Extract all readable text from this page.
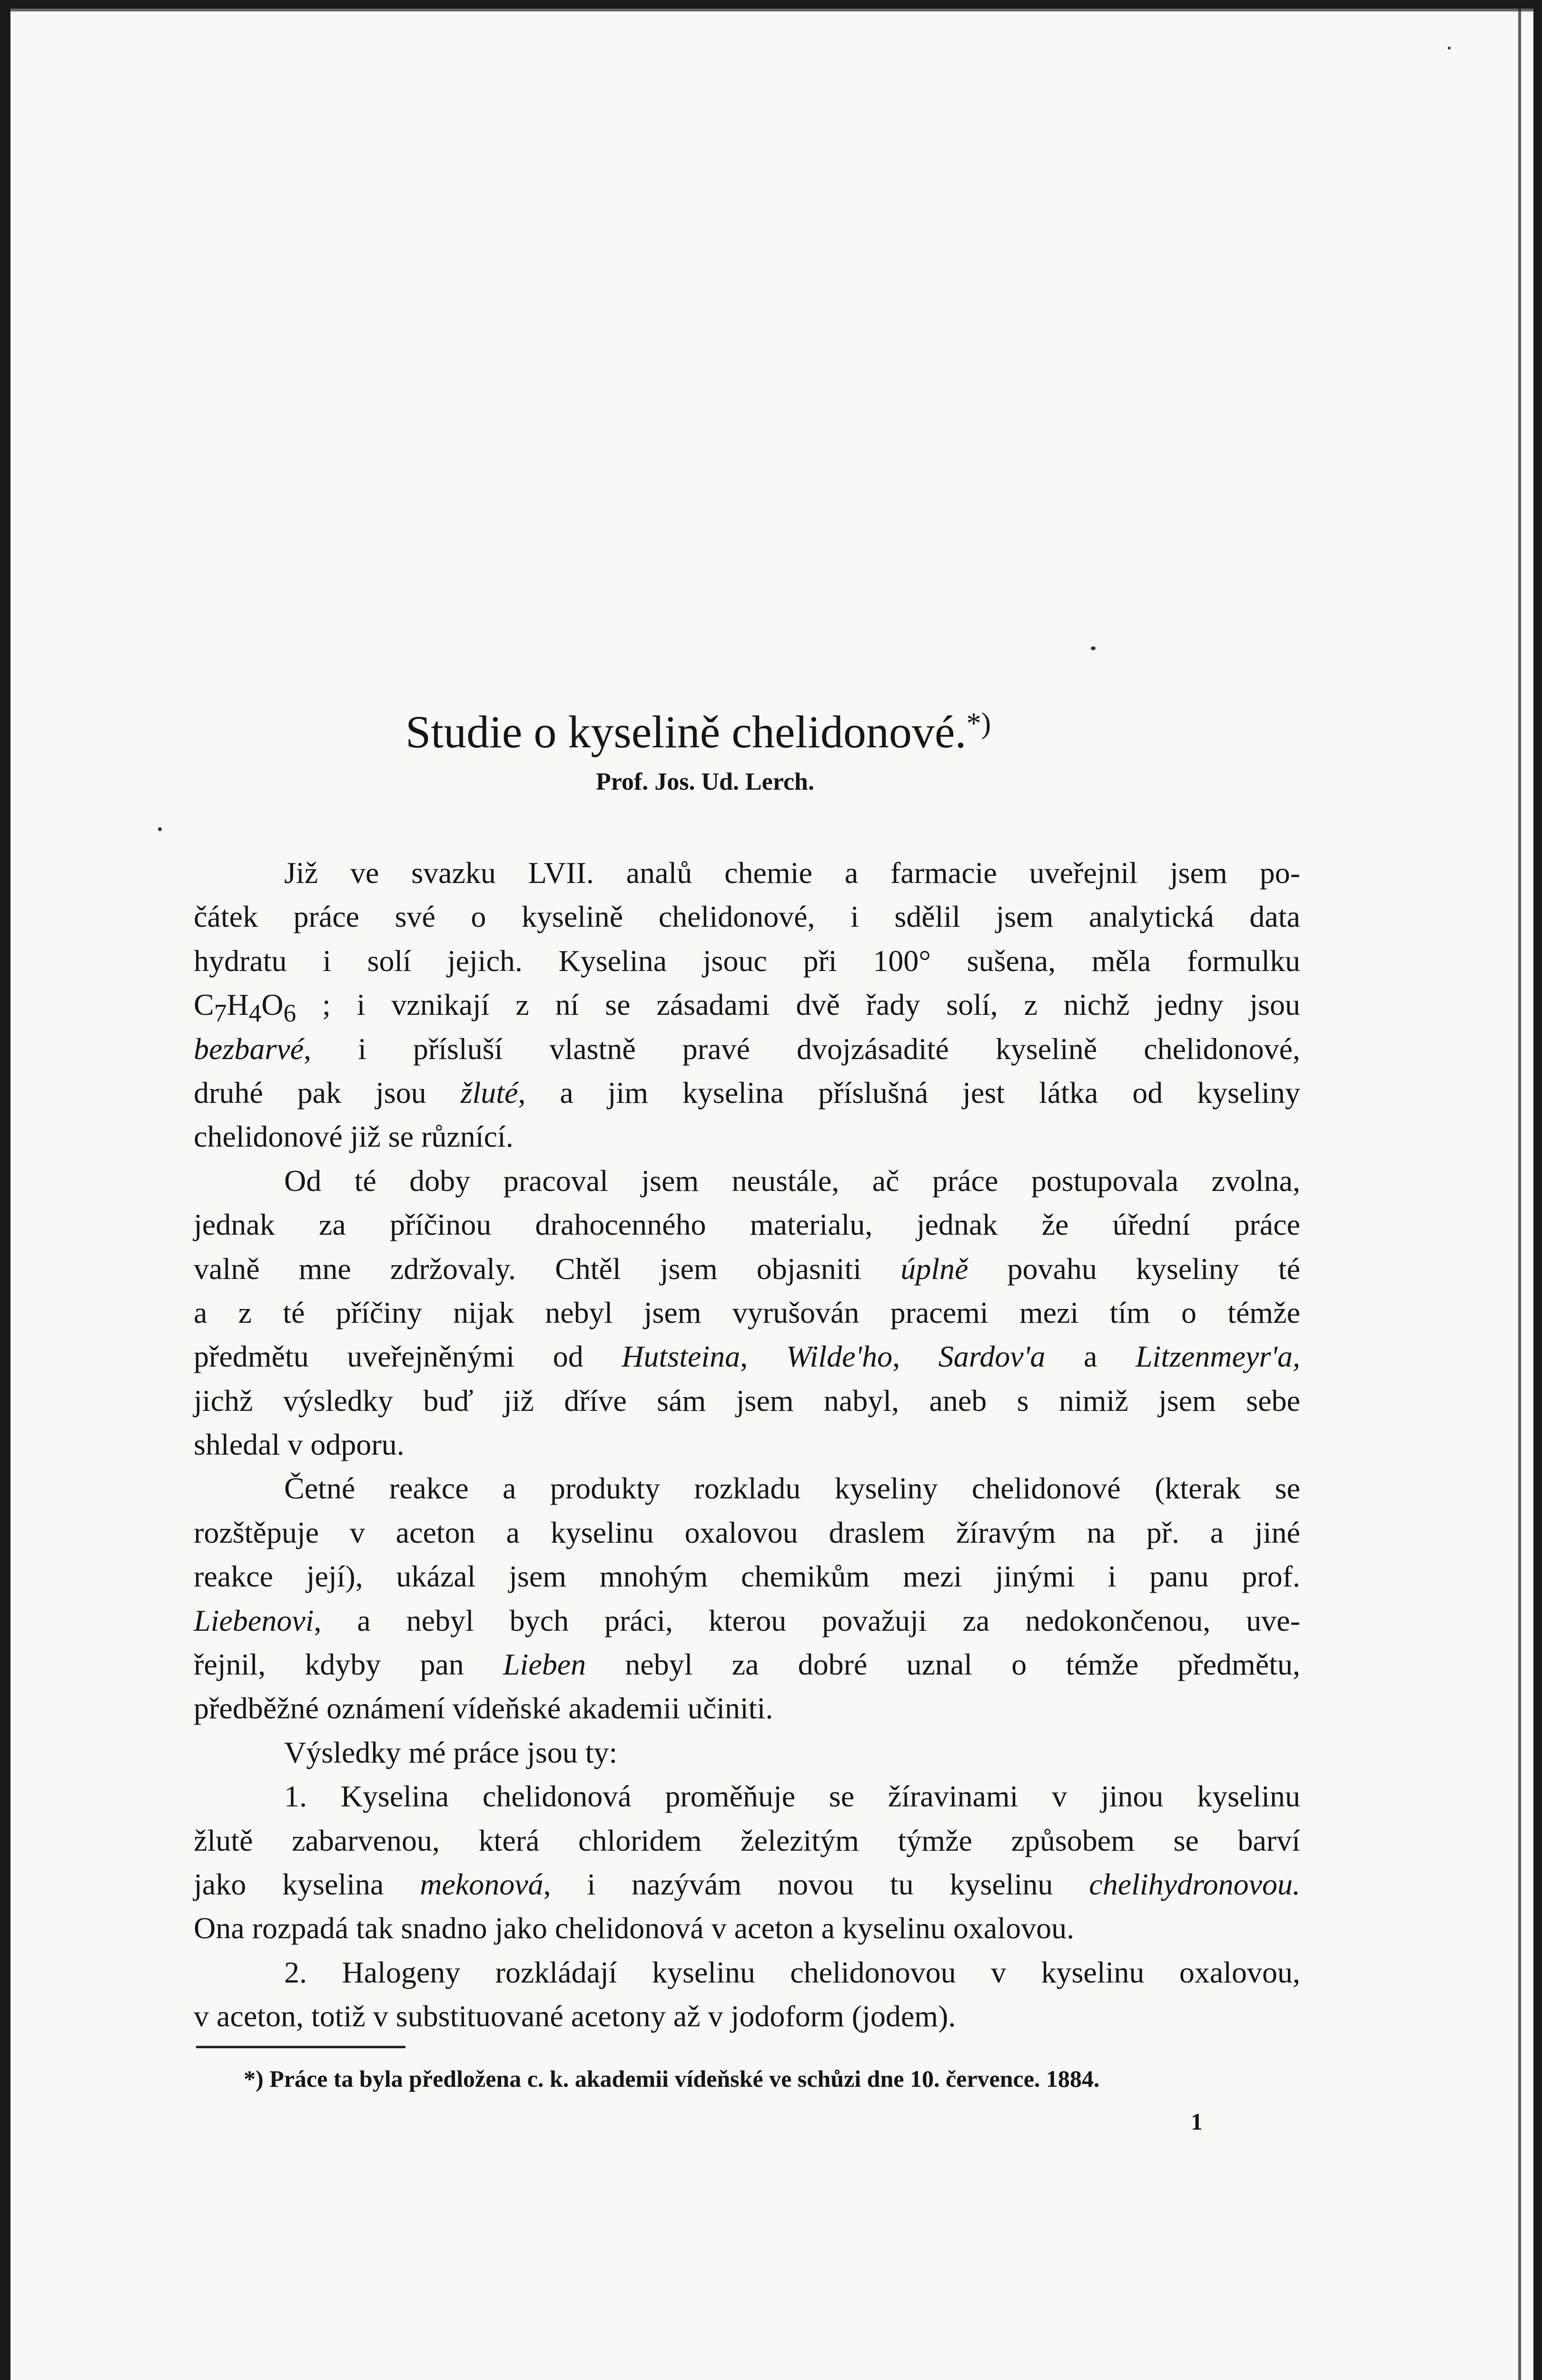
Studie o kyselině chelidonové.*)
Prof. Jos. Ud. Lerch.
Již ve svazku LVII. analů chemie a farmacie uveřejnil jsem po-
čátek práce své o kyselině chelidonové, i sdělil jsem analytická data
hydratu i solí jejich. Kyselina jsouc při 100° sušena, měla formulku
$C_7H_4O_6$ ; i vznikají z ní se zásadami dvě řady solí, z nichž jedny jsou
bezbarvé, i přísluší vlastně pravé dvojzásadité kyselině chelidonové,
druhé pak jsou žluté, a jim kyselina příslušná jest látka od kyseliny
chelidonové již se různící.
Od té doby pracoval jsem neustále, ač práce postupovala zvolna,
jednak za příčinou drahocenného materialu, jednak že úřední práce
valně mne zdržovaly. Chtěl jsem objasniti úplně povahu kyseliny té
a z té příčiny nijak nebyl jsem vyrušován pracemi mezi tím o témže
předmětu uveřejněnými od Hutsteina, Wilde'ho, Sardov'a a Litzenmeyr'a,
jichž výsledky buď již dříve sám jsem nabyl, aneb s nimiž jsem sebe
shledal v odporu.
Četné reakce a produkty rozkladu kyseliny chelidonové (kterak se
rozštěpuje v aceton a kyselinu oxalovou draslem žíravým na př. a jiné
reakce její), ukázal jsem mnohým chemikům mezi jinými i panu prof.
Liebenovi, a nebyl bych práci, kterou považuji za nedokončenou, uve-
řejnil, kdyby pan Lieben nebyl za dobré uznal o témže předmětu,
předběžné oznámení vídeňské akademii učiniti.
Výsledky mé práce jsou ty:
1. Kyselina chelidonová proměňuje se žíravinami v jinou kyselinu
žlutě zabarvenou, která chloridem železitým týmže způsobem se barví
jako kyselina mekonová, i nazývám novou tu kyselinu chelihydronovou.
Ona rozpadá tak snadno jako chelidonová v aceton a kyselinu oxalovou.
2. Halogeny rozkládají kyselinu chelidonovou v kyselinu oxalovou,
v aceton, totiž v substituované acetony až v jodoform (jodem).
*) Práce ta byla předložena c. k. akademii vídeňské ve schůzi dne 10. července. 1884.
1
